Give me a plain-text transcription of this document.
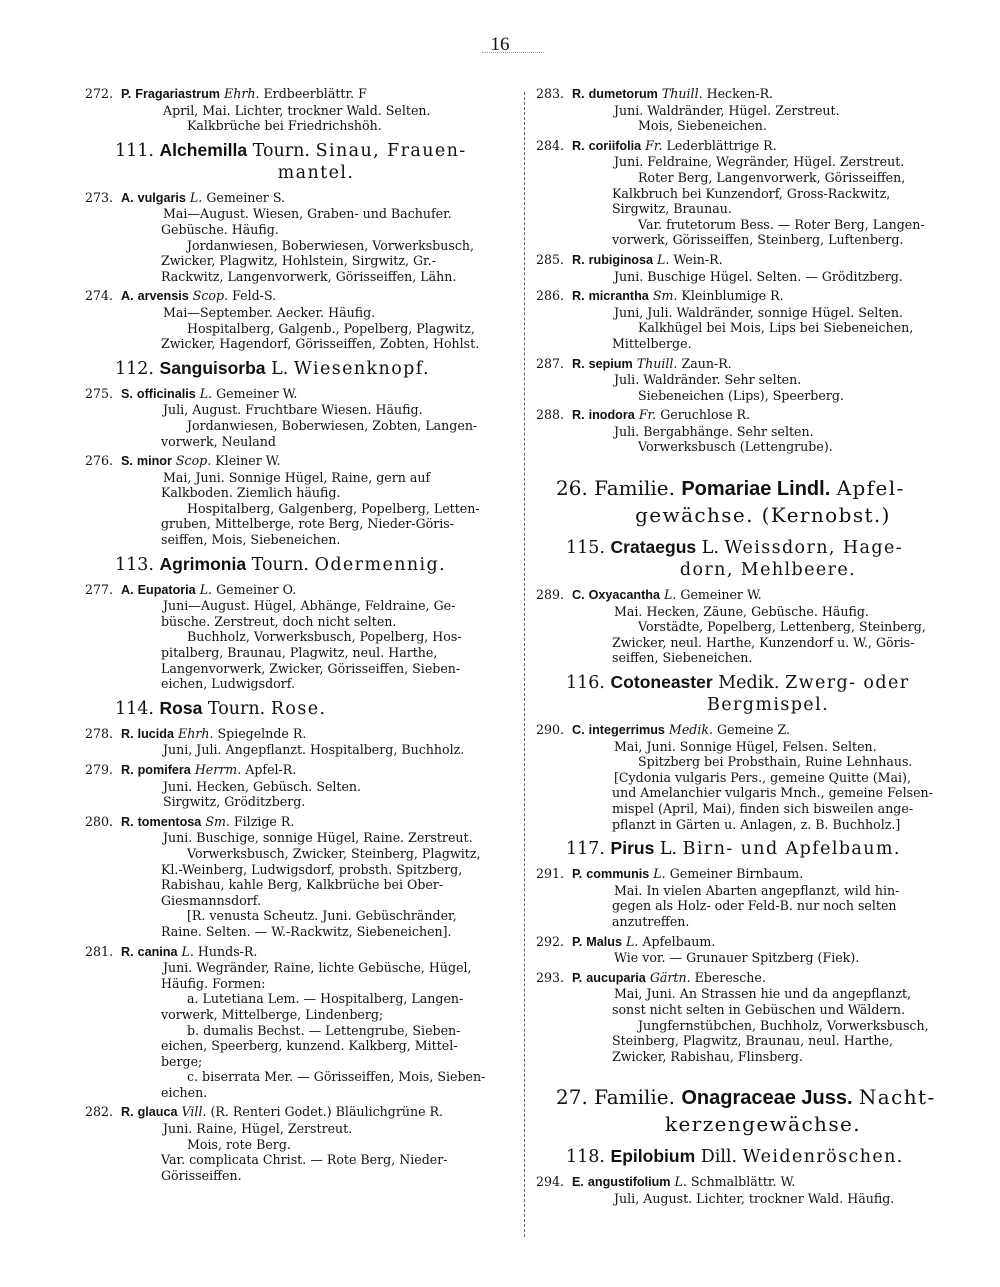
16
272. P. Fragariastrum Ehrh. Erdbeerblättr. F
April, Mai. Lichter, trockner Wald. Selten.
Kalkbrüche bei Friedrichshöh.
111. Alchemilla Tourn. Sinau, Frauen-
mantel.
273. A. vulgaris L. Gemeiner S.
Mai—August. Wiesen, Graben- und Bachufer.
Gebüsche. Häufig.
Jordanwiesen, Boberwiesen, Vorwerksbusch,
Zwicker, Plagwitz, Hohlstein, Sirgwitz, Gr.-
Rackwitz, Langenvorwerk, Görisseiffen, Lähn.
274. A. arvensis Scop. Feld-S.
Mai—September. Aecker. Häufig.
Hospitalberg, Galgenb., Popelberg, Plagwitz,
Zwicker, Hagendorf, Görisseiffen, Zobten, Hohlst.
112. Sanguisorba L. Wiesenknopf.
275. S. officinalis L. Gemeiner W.
Juli, August. Fruchtbare Wiesen. Häufig.
Jordanwiesen, Boberwiesen, Zobten, Langen-
vorwerk, Neuland
276. S. minor Scop. Kleiner W.
Mai, Juni. Sonnige Hügel, Raine, gern auf
Kalkboden. Ziemlich häufig.
Hospitalberg, Galgenberg, Popelberg, Letten-
gruben, Mittelberge, rote Berg, Nieder-Göris-
seiffen, Mois, Siebeneichen.
113. Agrimonia Tourn. Odermennig.
277. A. Eupatoria L. Gemeiner O.
Juni—August. Hügel, Abhänge, Feldraine, Ge-
büsche. Zerstreut, doch nicht selten.
Buchholz, Vorwerksbusch, Popelberg, Hos-
pitalberg, Braunau, Plagwitz, neul. Harthe,
Langenvorwerk, Zwicker, Görisseiffen, Sieben-
eichen, Ludwigsdorf.
114. Rosa Tourn. Rose.
278. R. lucida Ehrh. Spiegelnde R.
Juni, Juli. Angepflanzt. Hospitalberg, Buchholz.
279. R. pomifera Herrm. Apfel-R.
Juni. Hecken, Gebüsch. Selten.
Sirgwitz, Gröditzberg.
280. R. tomentosa Sm. Filzige R.
Juni. Buschige, sonnige Hügel, Raine. Zerstreut.
Vorwerksbusch, Zwicker, Steinberg, Plagwitz,
Kl.-Weinberg, Ludwigsdorf, probsth. Spitzberg,
Rabishau, kahle Berg, Kalkbrüche bei Ober-
Giesmannsdorf.
[R. venusta Scheutz. Juni. Gebüschränder,
Raine. Selten. — W.-Rackwitz, Siebeneichen].
281. R. canina L. Hunds-R.
Juni. Wegränder, Raine, lichte Gebüsche, Hügel,
Häufig. Formen:
a. Lutetiana Lem. — Hospitalberg, Langen-
vorwerk, Mittelberge, Lindenberg;
b. dumalis Bechst. — Lettengrube, Sieben-
eichen, Speerberg, kunzend. Kalkberg, Mittel-
berge;
c. biserrata Mer. — Görisseiffen, Mois, Sieben-
eichen.
282. R. glauca Vill. (R. Renteri Godet.) Bläulichgrüne R.
Juni. Raine, Hügel, Zerstreut.
Mois, rote Berg.
Var. complicata Christ. — Rote Berg, Nieder-
Görisseiffen.
283. R. dumetorum Thuill. Hecken-R.
Juni. Waldränder, Hügel. Zerstreut.
Mois, Siebeneichen.
284. R. coriifolia Fr. Lederblättrige R.
Juni. Feldraine, Wegränder, Hügel. Zerstreut.
Roter Berg, Langenvorwerk, Görisseiffen,
Kalkbruch bei Kunzendorf, Gross-Rackwitz,
Sirgwitz, Braunau.
Var. frutetorum Bess. — Roter Berg, Langen-
vorwerk, Görisseiffen, Steinberg, Luftenberg.
285. R. rubiginosa L. Wein-R.
Juni. Buschige Hügel. Selten. — Gröditzberg.
286. R. micrantha Sm. Kleinblumige R.
Juni, Juli. Waldränder, sonnige Hügel. Selten.
Kalkhügel bei Mois, Lips bei Siebeneichen,
Mittelberge.
287. R. sepium Thuill. Zaun-R.
Juli. Waldränder. Sehr selten.
Siebeneichen (Lips), Speerberg.
288. R. inodora Fr. Geruchlose R.
Juli. Bergabhänge. Sehr selten.
Vorwerksbusch (Lettengrube).
26. Familie. Pomariae Lindl. Apfel-
gewächse. (Kernobst.)
115. Crataegus L. Weissdorn, Hage-
dorn, Mehlbeere.
289. C. Oxyacantha L. Gemeiner W.
Mai. Hecken, Zäune, Gebüsche. Häufig.
Vorstädte, Popelberg, Lettenberg, Steinberg,
Zwicker, neul. Harthe, Kunzendorf u. W., Göris-
seiffen, Siebeneichen.
116. Cotoneaster Medik. Zwerg- oder
Bergmispel.
290. C. integerrimus Medik. Gemeine Z.
Mai, Juni. Sonnige Hügel, Felsen. Selten.
Spitzberg bei Probsthain, Ruine Lehnhaus.
[Cydonia vulgaris Pers., gemeine Quitte (Mai),
und Amelanchier vulgaris Mnch., gemeine Felsen-
mispel (April, Mai), finden sich bisweilen ange-
pflanzt in Gärten u. Anlagen, z. B. Buchholz.]
117. Pirus L. Birn- und Apfelbaum.
291. P. communis L. Gemeiner Birnbaum.
Mai. In vielen Abarten angepflanzt, wild hin-
gegen als Holz- oder Feld-B. nur noch selten
anzutreffen.
292. P. Malus L. Apfelbaum.
Wie vor. — Grunauer Spitzberg (Fiek).
293. P. aucuparia Gärtn. Eberesche.
Mai, Juni. An Strassen hie und da angepflanzt,
sonst nicht selten in Gebüschen und Wäldern.
Jungfernstübchen, Buchholz, Vorwerksbusch,
Steinberg, Plagwitz, Braunau, neul. Harthe,
Zwicker, Rabishau, Flinsberg.
27. Familie. Onagraceae Juss. Nacht-
kerzengewächse.
118. Epilobium Dill. Weidenröschen.
294. E. angustifolium L. Schmalblättr. W.
Juli, August. Lichter, trockner Wald. Häufig.
